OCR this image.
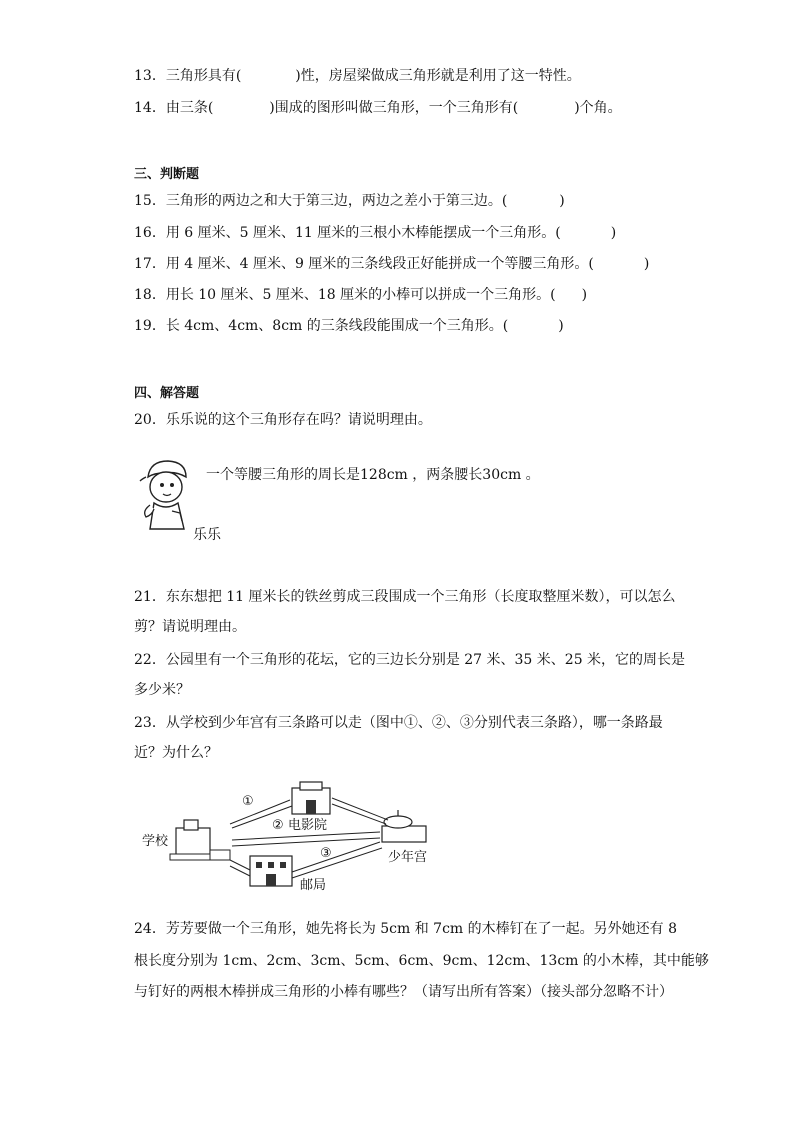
13．三角形具有(	)性，房屋梁做成三角形就是利用了这一特性。
14．由三条(	)围成的图形叫做三角形，一个三角形有(	)个角。
三、判断题
15．三角形的两边之和大于第三边，两边之差小于第三边。(	)
16．用 6 厘米、5 厘米、11 厘米的三根小木棒能摆成一个三角形。(	)
17．用 4 厘米、4 厘米、9 厘米的三条线段正好能拼成一个等腰三角形。(	)
18．用长 10 厘米、5 厘米、18 厘米的小棒可以拼成一个三角形。( )
19．长 4cm、4cm、8cm 的三条线段能围成一个三角形。(	)
四、解答题
20．乐乐说的这个三角形存在吗？请说明理由。
一个等腰三角形的周长是128cm ，两条腰长30cm 。
乐乐
21．东东想把 11 厘米长的铁丝剪成三段围成一个三角形（长度取整厘米数），可以怎么
剪？请说明理由。
22．公园里有一个三角形的花坛，它的三边长分别是 27 米、35 米、25 米，它的周长是
多少米？
23．从学校到少年宫有三条路可以走（图中①、②、③分别代表三条路），哪一条路最
近？为什么？
学校
电影院
邮局
少年宫
①
②
③
24．芳芳要做一个三角形，她先将长为 5cm 和 7cm 的木棒钉在了一起。另外她还有 8
根长度分别为 1cm、2cm、3cm、5cm、6cm、9cm、12cm、13cm 的小木棒，其中能够
与钉好的两根木棒拼成三角形的小棒有哪些？（请写出所有答案）（接头部分忽略不计）
